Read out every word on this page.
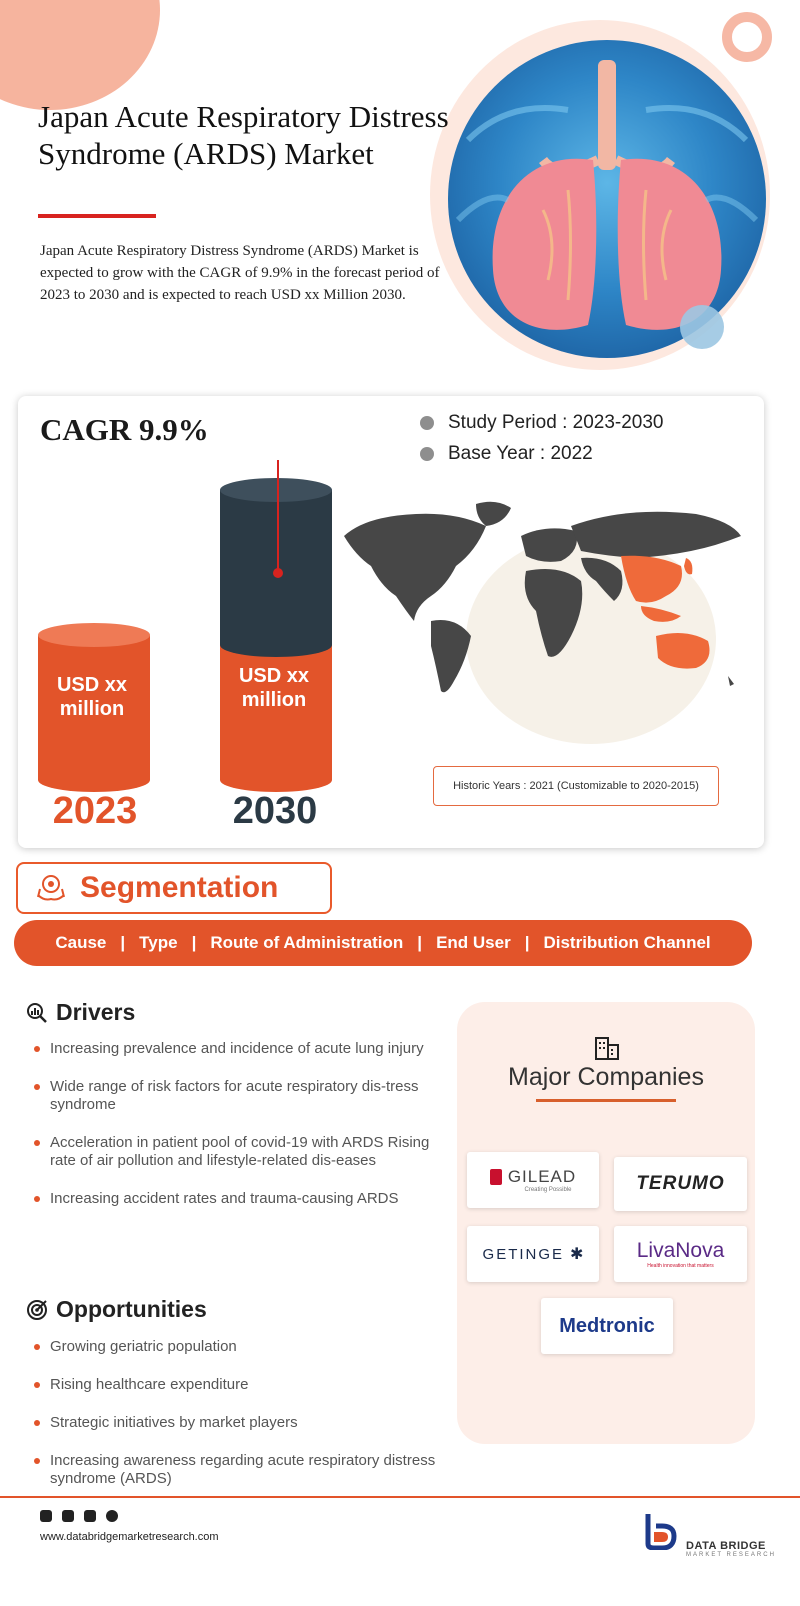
Japan Acute Respiratory Distress Syndrome (ARDS) Market

Japan Acute Respiratory Distress Syndrome (ARDS) Market is expected to grow with the CAGR of 9.9% in the forecast period of 2023 to 2030 and is expected to reach USD xx Million 2030.

CAGR 9.9%	Study Period : 2023-2030
Base Year : 2022
USD xx million
USD xx million
2023	2030
Historic Years : 2021 (Customizable to 2020-2015)
Segmentation
Cause | Type | Route of Administration | End User | Distribution Channel
Drivers
Increasing prevalence and incidence of acute lung injury
Wide range of risk factors for acute respiratory dis-tress syndrome
Acceleration in patient pool of covid-19 with ARDS Rising rate of air pollution and lifestyle-related dis-eases
Increasing accident rates and trauma-causing ARDS
Opportunities
Growing geriatric population
Rising healthcare expenditure
Strategic initiatives by market players
Increasing awareness regarding acute respiratory distress syndrome (ARDS)
Major Companies
GILEAD
Creating Possible	TERUMO
GETINGE ✱	LivaNova
Health innovation that matters
Medtronic
www.databridgemarketresearch.com
DATA BRIDGE
MARKET RESEARCH
